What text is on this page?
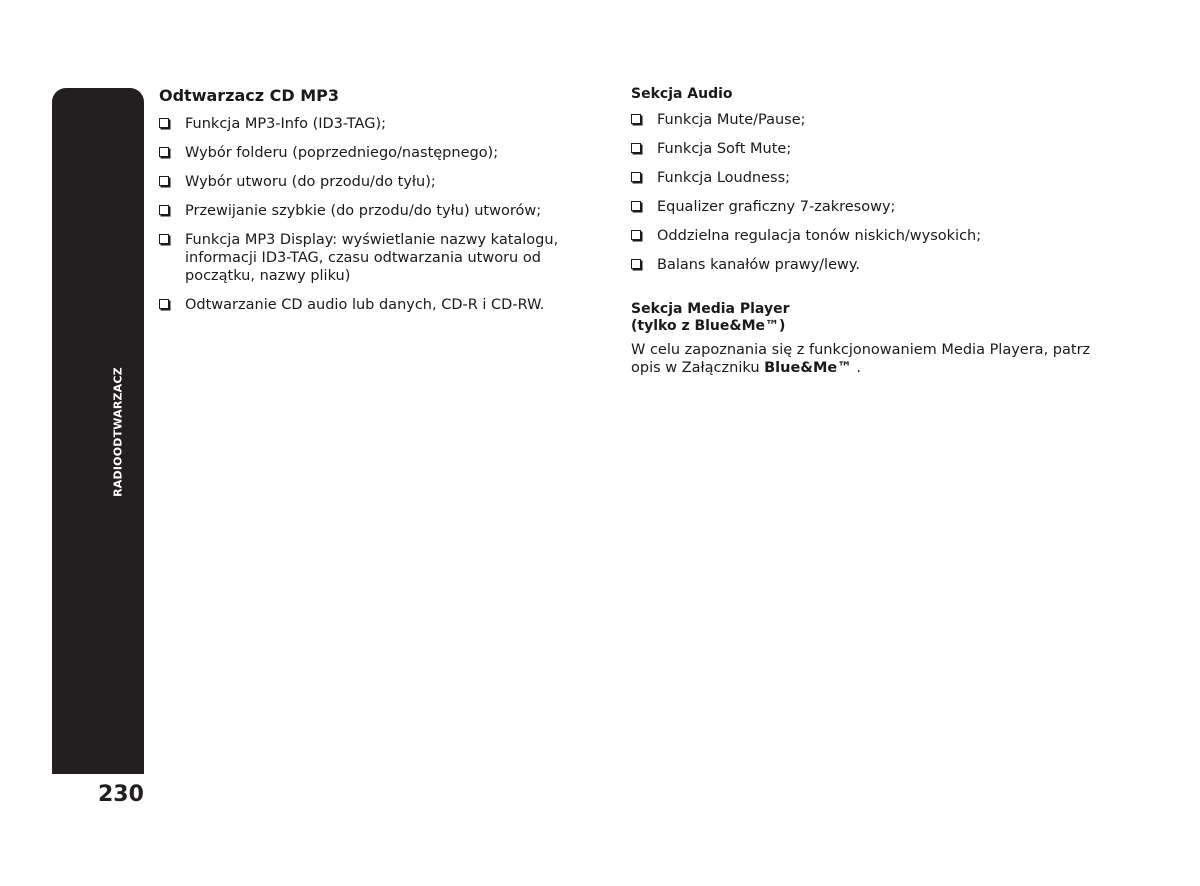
RADIOODTWARZACZ
230
Odtwarzacz CD MP3
Funkcja MP3-Info (ID3-TAG);
Wybór folderu (poprzedniego/następnego);
Wybór utworu (do przodu/do tyłu);
Przewijanie szybkie (do przodu/do tyłu) utworów;
Funkcja MP3 Display: wyświetlanie nazwy katalogu, informacji ID3-TAG, czasu odtwarzania utworu od początku, nazwy pliku)
Odtwarzanie CD audio lub danych, CD-R i CD-RW.
Sekcja Audio
Funkcja Mute/Pause;
Funkcja Soft Mute;
Funkcja Loudness;
Equalizer graficzny 7-zakresowy;
Oddzielna regulacja tonów niskich/wysokich;
Balans kanałów prawy/lewy.
Sekcja Media Player
(tylko z Blue&Me™)

W celu zapoznania się z funkcjonowaniem Media Playera, patrz opis w Załączniku Blue&Me™ .
